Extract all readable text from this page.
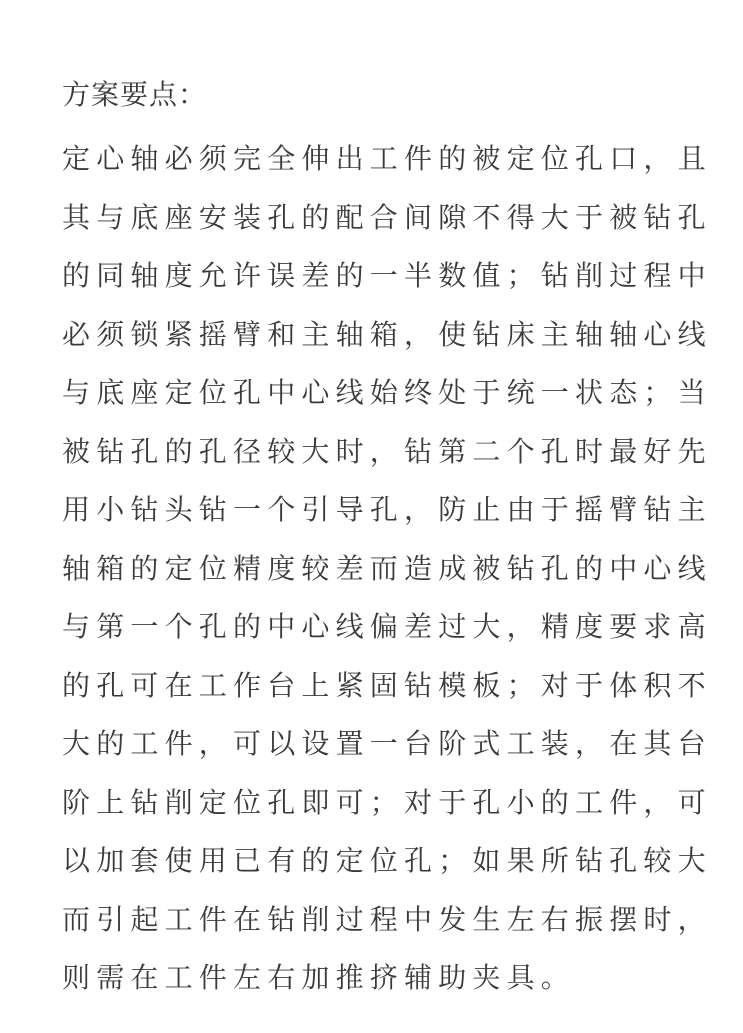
方案要点：
定心轴必须完全伸出工件的被定位孔口，且
其与底座安装孔的配合间隙不得大于被钻孔
的同轴度允许误差的一半数值；钻削过程中
必须锁紧摇臂和主轴箱，使钻床主轴轴心线
与底座定位孔中心线始终处于统一状态；当
被钻孔的孔径较大时，钻第二个孔时最好先
用小钻头钻一个引导孔，防止由于摇臂钻主
轴箱的定位精度较差而造成被钻孔的中心线
与第一个孔的中心线偏差过大，精度要求高
的孔可在工作台上紧固钻模板；对于体积不
大的工件，可以设置一台阶式工装，在其台
阶上钻削定位孔即可；对于孔小的工件，可
以加套使用已有的定位孔；如果所钻孔较大
而引起工件在钻削过程中发生左右振摆时，
则需在工件左右加推挤辅助夹具。
